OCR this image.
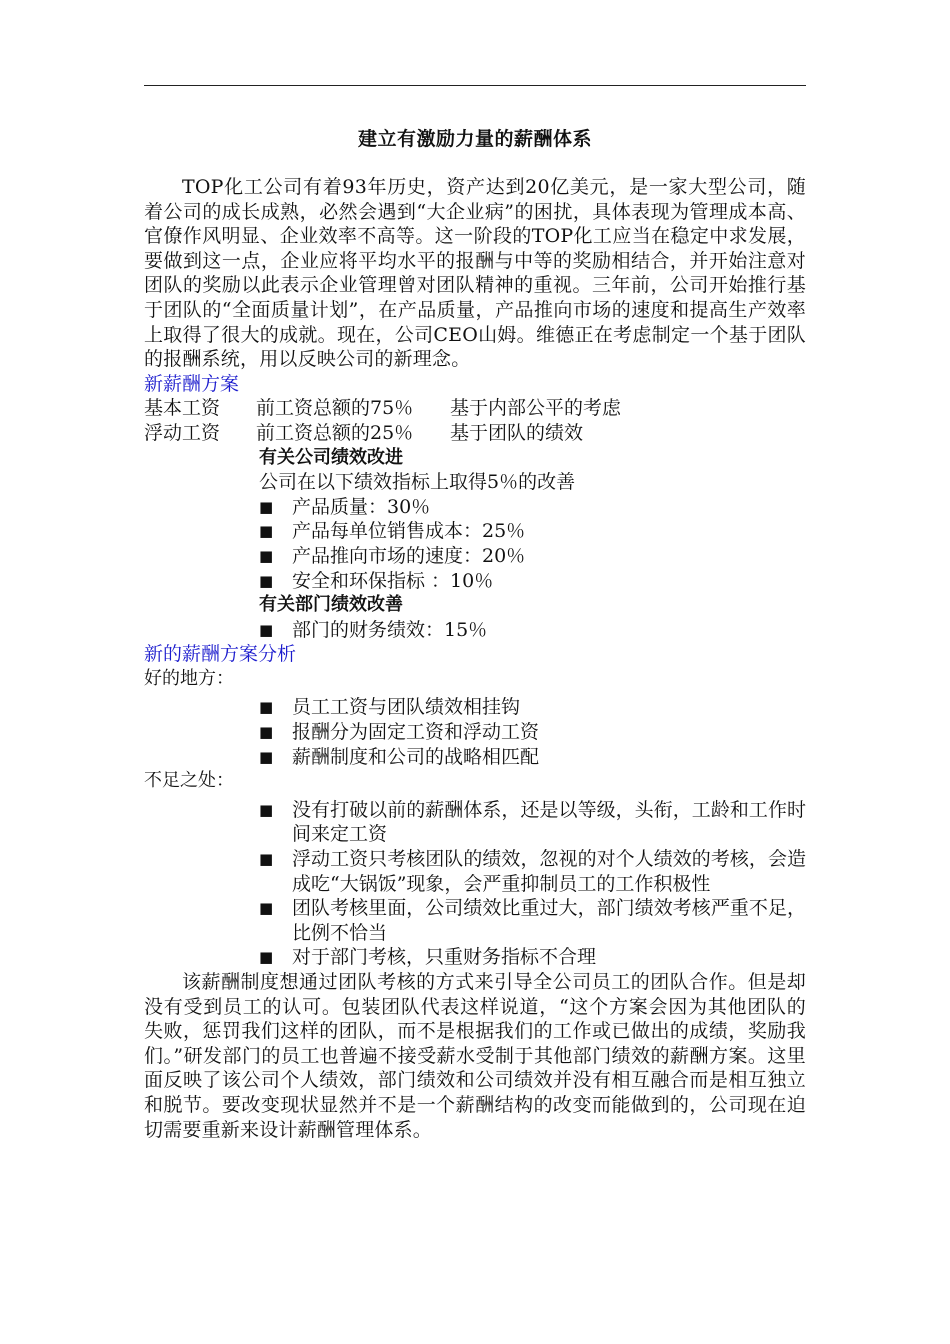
建立有激励力量的薪酬体系

TOP化工公司有着93年历史，资产达到20亿美元，是一家大型公司，随着公司的成长成熟，必然会遇到“大企业病”的困扰，具体表现为管理成本高、官僚作风明显、企业效率不高等。这一阶段的TOP化工应当在稳定中求发展，要做到这一点，企业应将平均水平的报酬与中等的奖励相结合，并开始注意对团队的奖励以此表示企业管理曾对团队精神的重视。三年前，公司开始推行基于团队的“全面质量计划”，在产品质量，产品推向市场的速度和提高生产效率上取得了很大的成就。现在，公司CEO山姆。维德正在考虑制定一个基于团队的报酬系统，用以反映公司的新理念。

新薪酬方案
基本工资	前工资总额的75％	基于内部公平的考虑
浮动工资	前工资总额的25％	基于团队的绩效
有关公司绩效改进
公司在以下绩效指标上取得5％的改善
■ 产品质量：30％
■ 产品每单位销售成本：25％
■ 产品推向市场的速度：20％
■ 安全和环保指标 ：10％
有关部门绩效改善
■ 部门的财务绩效：15％
新的薪酬方案分析
好的地方：
■ 员工工资与团队绩效相挂钩
■ 报酬分为固定工资和浮动工资
■ 薪酬制度和公司的战略相匹配
不足之处：
■ 没有打破以前的薪酬体系，还是以等级，头衔，工龄和工作时间来定工资
■ 浮动工资只考核团队的绩效，忽视的对个人绩效的考核，会造成吃“大锅饭”现象，会严重抑制员工的工作积极性
■ 团队考核里面，公司绩效比重过大，部门绩效考核严重不足，比例不恰当
■ 对于部门考核，只重财务指标不合理

该薪酬制度想通过团队考核的方式来引导全公司员工的团队合作。但是却没有受到员工的认可。包装团队代表这样说道，“这个方案会因为其他团队的失败，惩罚我们这样的团队，而不是根据我们的工作或已做出的成绩，奖励我们。”研发部门的员工也普遍不接受薪水受制于其他部门绩效的薪酬方案。这里面反映了该公司个人绩效，部门绩效和公司绩效并没有相互融合而是相互独立和脱节。要改变现状显然并不是一个薪酬结构的改变而能做到的，公司现在迫切需要重新来设计薪酬管理体系。
